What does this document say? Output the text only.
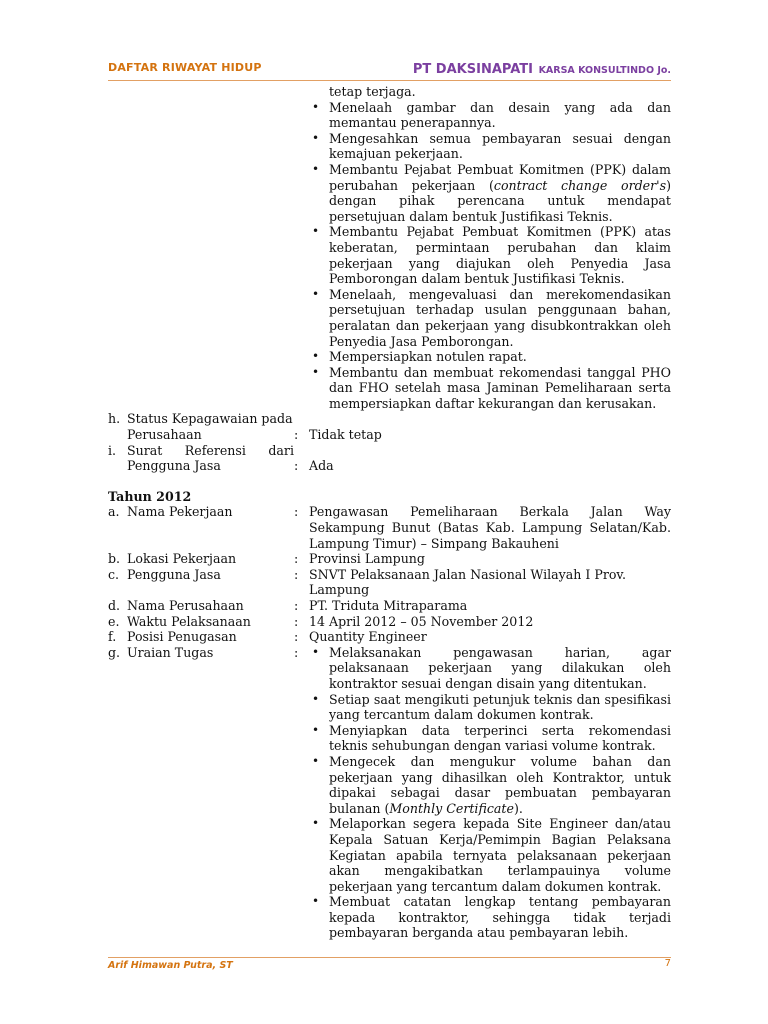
DAFTAR RIWAYAT HIDUP	PT DAKSINAPATI KARSA KONSULTINDO Jo.
tetap terjaga.
• Menelaah gambar dan desain yang ada dan memantau penerapannya.
• Mengesahkan semua pembayaran sesuai dengan kemajuan pekerjaan.
• Membantu Pejabat Pembuat Komitmen (PPK) dalam perubahan pekerjaan (contract change order's) dengan pihak perencana untuk mendapat persetujuan dalam bentuk Justifikasi Teknis.
• Membantu Pejabat Pembuat Komitmen (PPK) atas keberatan, permintaan perubahan dan klaim pekerjaan yang diajukan oleh Penyedia Jasa Pemborongan dalam bentuk Justifikasi Teknis.
• Menelaah, mengevaluasi dan merekomendasikan persetujuan terhadap usulan penggunaan bahan, peralatan dan pekerjaan yang disubkontrakkan oleh Penyedia Jasa Pemborongan.
• Mempersiapkan notulen rapat.
• Membantu dan membuat rekomendasi tanggal PHO dan FHO setelah masa Jaminan Pemeliharaan serta mempersiapkan daftar kekurangan dan kerusakan.
h. Status Kepagawaian pada
Perusahaan	: Tidak tetap
i. Surat Referensi dari
Pengguna Jasa	: Ada
Tahun 2012
a. Nama Pekerjaan	: Pengawasan Pemeliharaan Berkala Jalan Way Sekampung Bunut (Batas Kab. Lampung Selatan/Kab. Lampung Timur) – Simpang Bakauheni
b. Lokasi Pekerjaan	: Provinsi Lampung
c. Pengguna Jasa	: SNVT Pelaksanaan Jalan Nasional Wilayah I Prov. Lampung
d. Nama Perusahaan	: PT. Triduta Mitraparama
e. Waktu Pelaksanaan	: 14 April 2012 – 05 November 2012
f. Posisi Penugasan	: Quantity Engineer
g. Uraian Tugas	:	• Melaksanakan pengawasan harian, agar pelaksanaan pekerjaan yang dilakukan oleh kontraktor sesuai dengan disain yang ditentukan.
• Setiap saat mengikuti petunjuk teknis dan spesifikasi yang tercantum dalam dokumen kontrak.
• Menyiapkan data terperinci serta rekomendasi teknis sehubungan dengan variasi volume kontrak.
• Mengecek dan mengukur volume bahan dan pekerjaan yang dihasilkan oleh Kontraktor, untuk dipakai sebagai dasar pembuatan pembayaran bulanan (Monthly Certificate).
• Melaporkan segera kepada Site Engineer dan/atau Kepala Satuan Kerja/Pemimpin Bagian Pelaksana Kegiatan apabila ternyata pelaksanaan pekerjaan akan mengakibatkan terlampauinya volume pekerjaan yang tercantum dalam dokumen kontrak.
• Membuat catatan lengkap tentang pembayaran kepada kontraktor, sehingga tidak terjadi pembayaran berganda atau pembayaran lebih.
Arif Himawan Putra, ST	7
